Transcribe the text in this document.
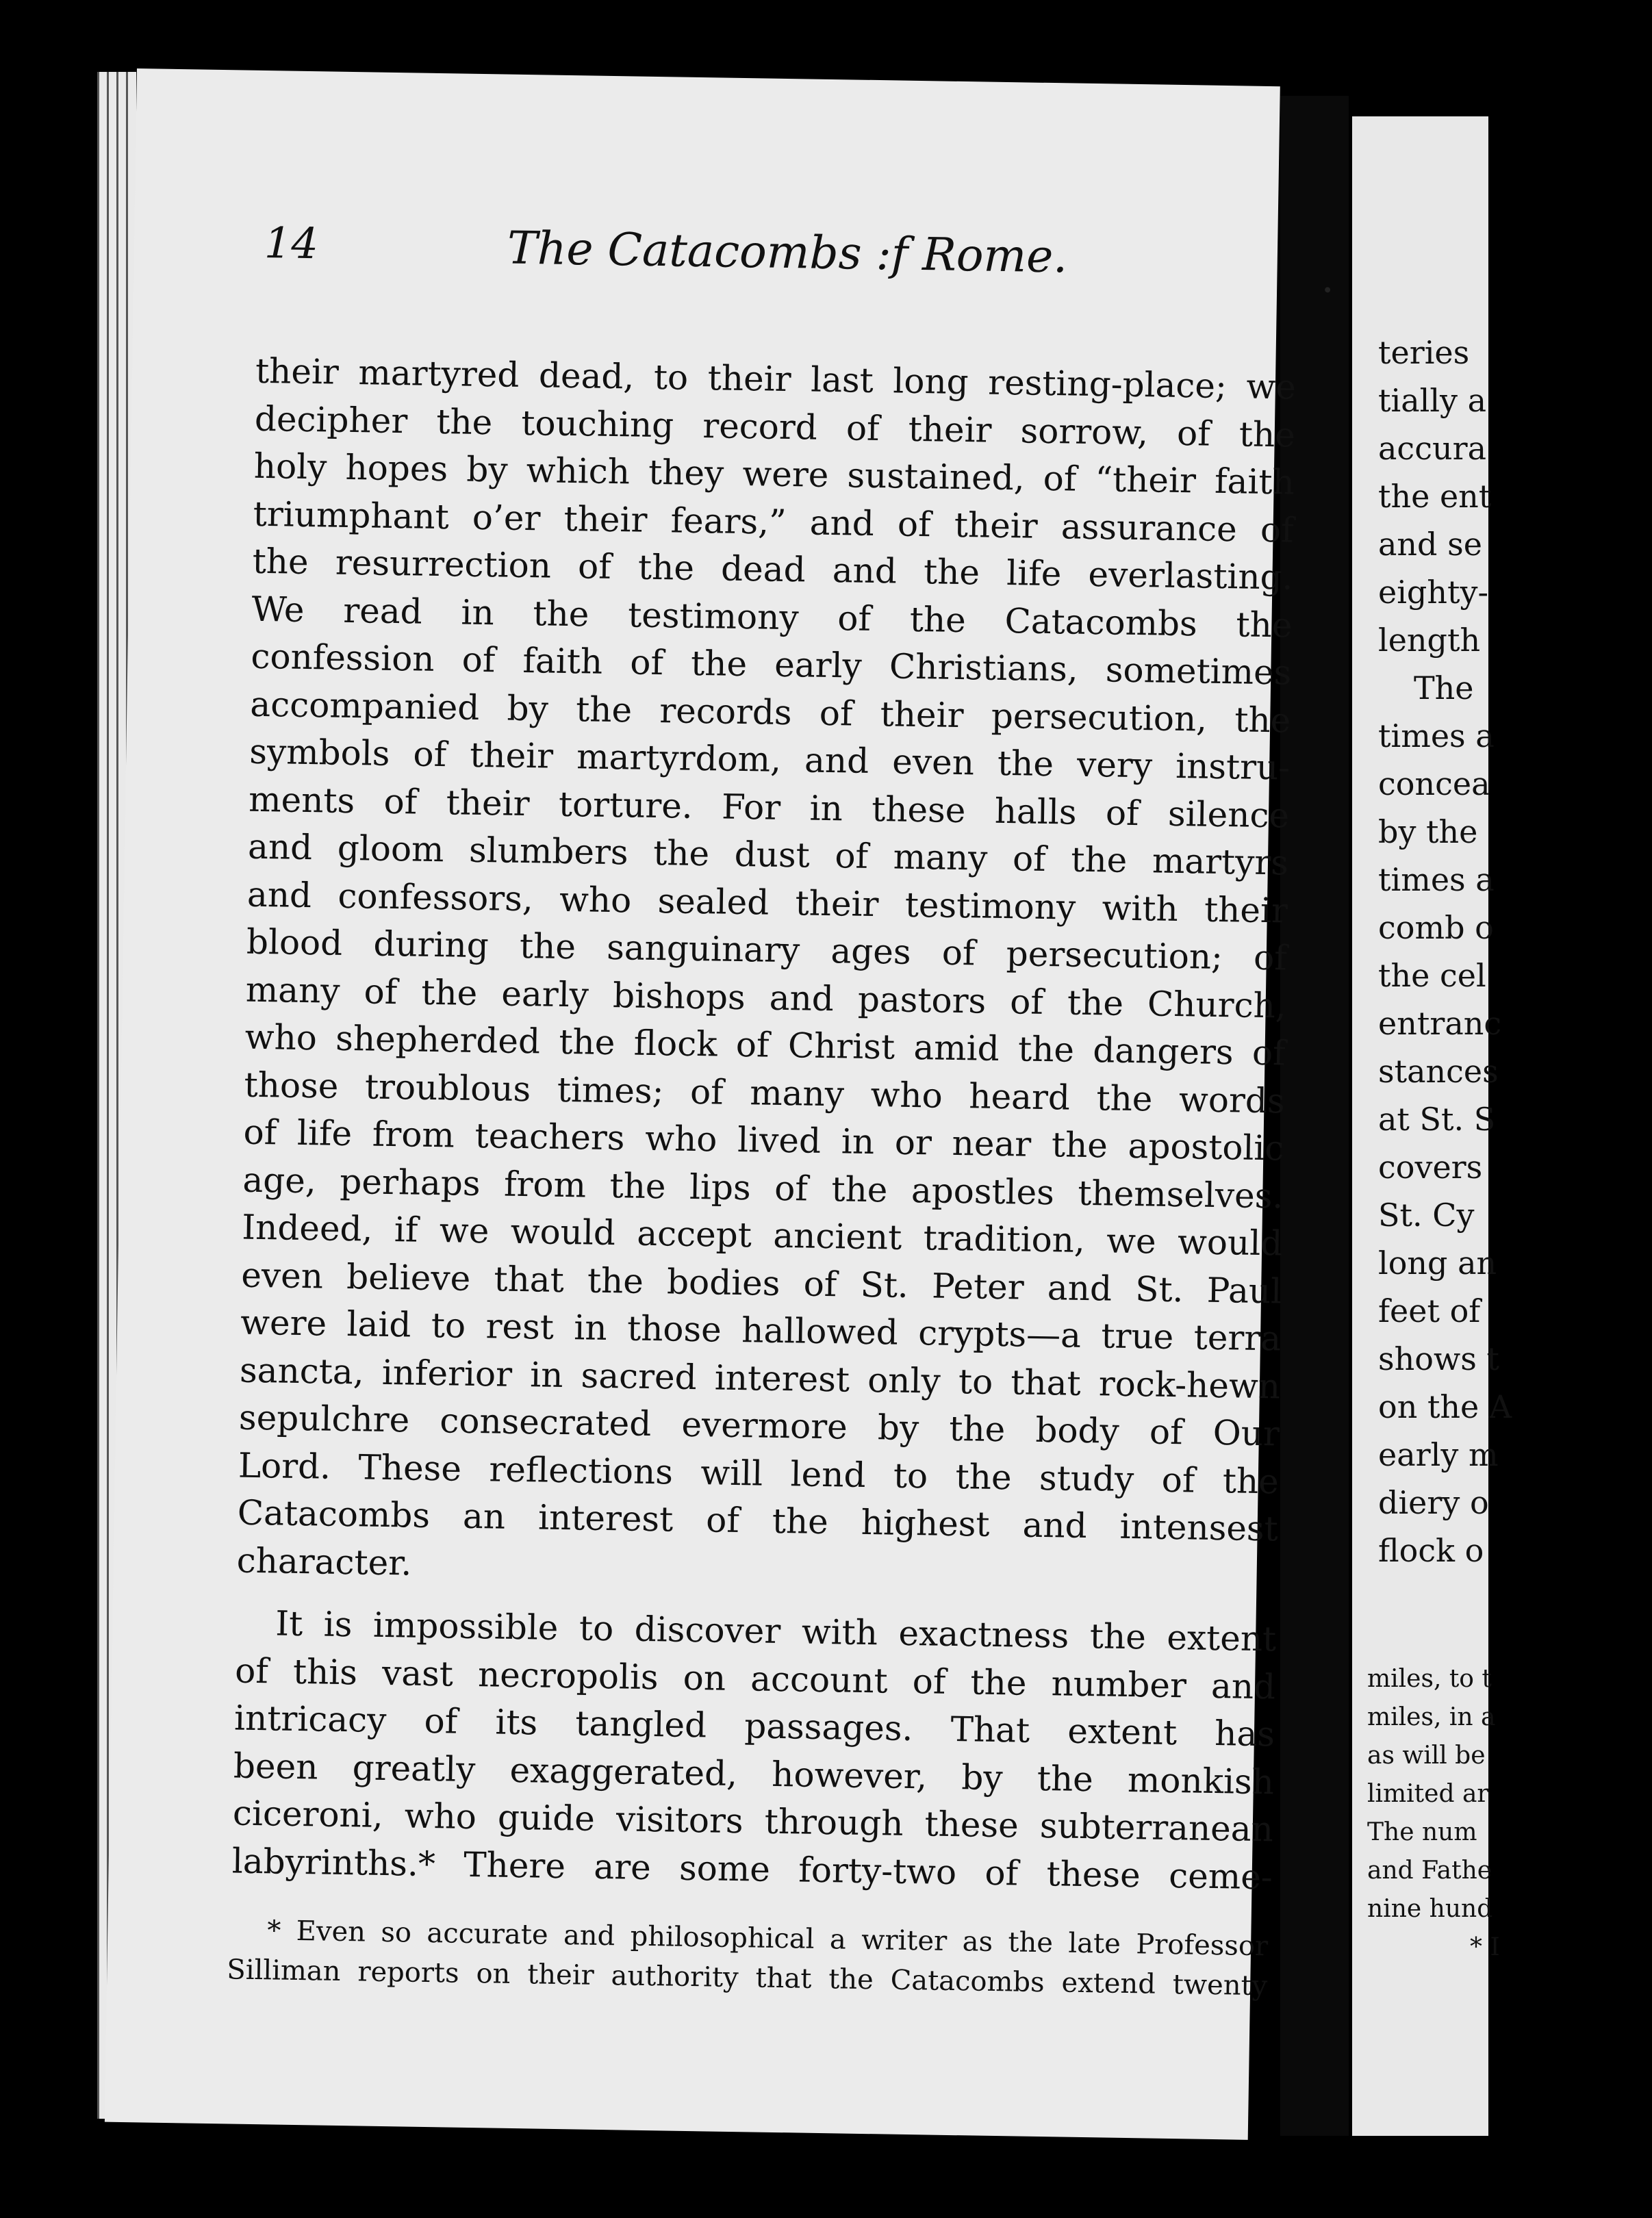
14	The Catacombs :f Rome.
their martyred dead, to their last long resting-place; we
decipher the touching record of their sorrow, of the
holy hopes by which they were sustained, of “their faith
triumphant o’er their fears,” and of their assurance of
the resurrection of the dead and the life everlasting.
We read in the testimony of the Catacombs the
confession of faith of the early Christians, sometimes
accompanied by the records of their persecution, the
symbols of their martyrdom, and even the very instru-
ments of their torture. For in these halls of silence
and gloom slumbers the dust of many of the martyrs
and confessors, who sealed their testimony with their
blood during the sanguinary ages of persecution; of
many of the early bishops and pastors of the Church,
who shepherded the flock of Christ amid the dangers of
those troublous times; of many who heard the words
of life from teachers who lived in or near the apostolic
age, perhaps from the lips of the apostles themselves.
Indeed, if we would accept ancient tradition, we would
even believe that the bodies of St. Peter and St. Paul
were laid to rest in those hallowed crypts—a true terra
sancta, inferior in sacred interest only to that rock-hewn
sepulchre consecrated evermore by the body of Our
Lord. These reflections will lend to the study of the
Catacombs an interest of the highest and intensest
character.
It is impossible to discover with exactness the extent
of this vast necropolis on account of the number and
intricacy of its tangled passages. That extent has
been greatly exaggerated, however, by the monkish
ciceroni, who guide visitors through these subterranean
labyrinths.* There are some forty-two of these ceme-
* Even so accurate and philosophical a writer as the late Professor
Silliman reports on their authority that the Catacombs extend twenty
teries
tially a
accura
the ent
and se
eighty-
length
The
times a
concea
by the
times a
comb o
the cel
entranc
stances
at St. S
covers
St. Cy
long an
feet of
shows t
on the A
early m
diery o
flock o
miles, to t
miles, in a
as will be
limited ar
The num
and Fathe
nine hund
* I
